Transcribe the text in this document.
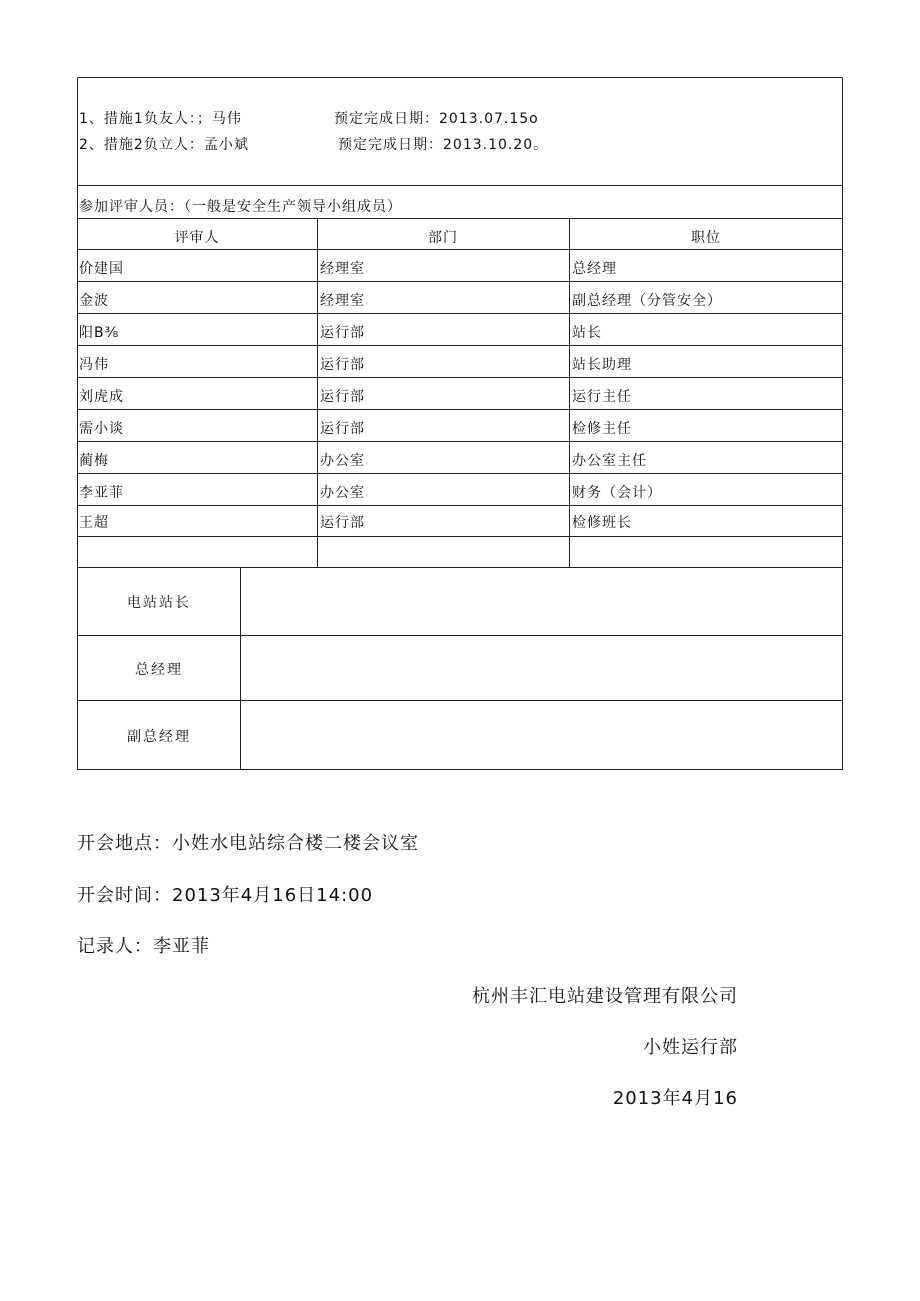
1、措施1负友人：；马伟	预定完成日期：2013.07.15o
2、措施2负立人：孟小斌	预定完成日期：2013.10.20。
参加评审人员：（一般是安全生产领导小组成员）
评审人	部门	职位
价建国	经理室	总经理
金波	经理室	副总经理（分管安全）
阳B⅜	运行部	站长
冯伟	运行部	站长助理
刘虎成	运行部	运行主任
需小谈	运行部	检修主任
蔺梅	办公室	办公室主任
李亚菲	办公室	财务（会计）
王超	运行部	检修班长
电站站长
总经理
副总经理
开会地点：小姓水电站综合楼二楼会议室
开会时间：2013年4月16日14:00
记录人：李亚菲
杭州丰汇电站建设管理有限公司
小姓运行部
2013年4月16
